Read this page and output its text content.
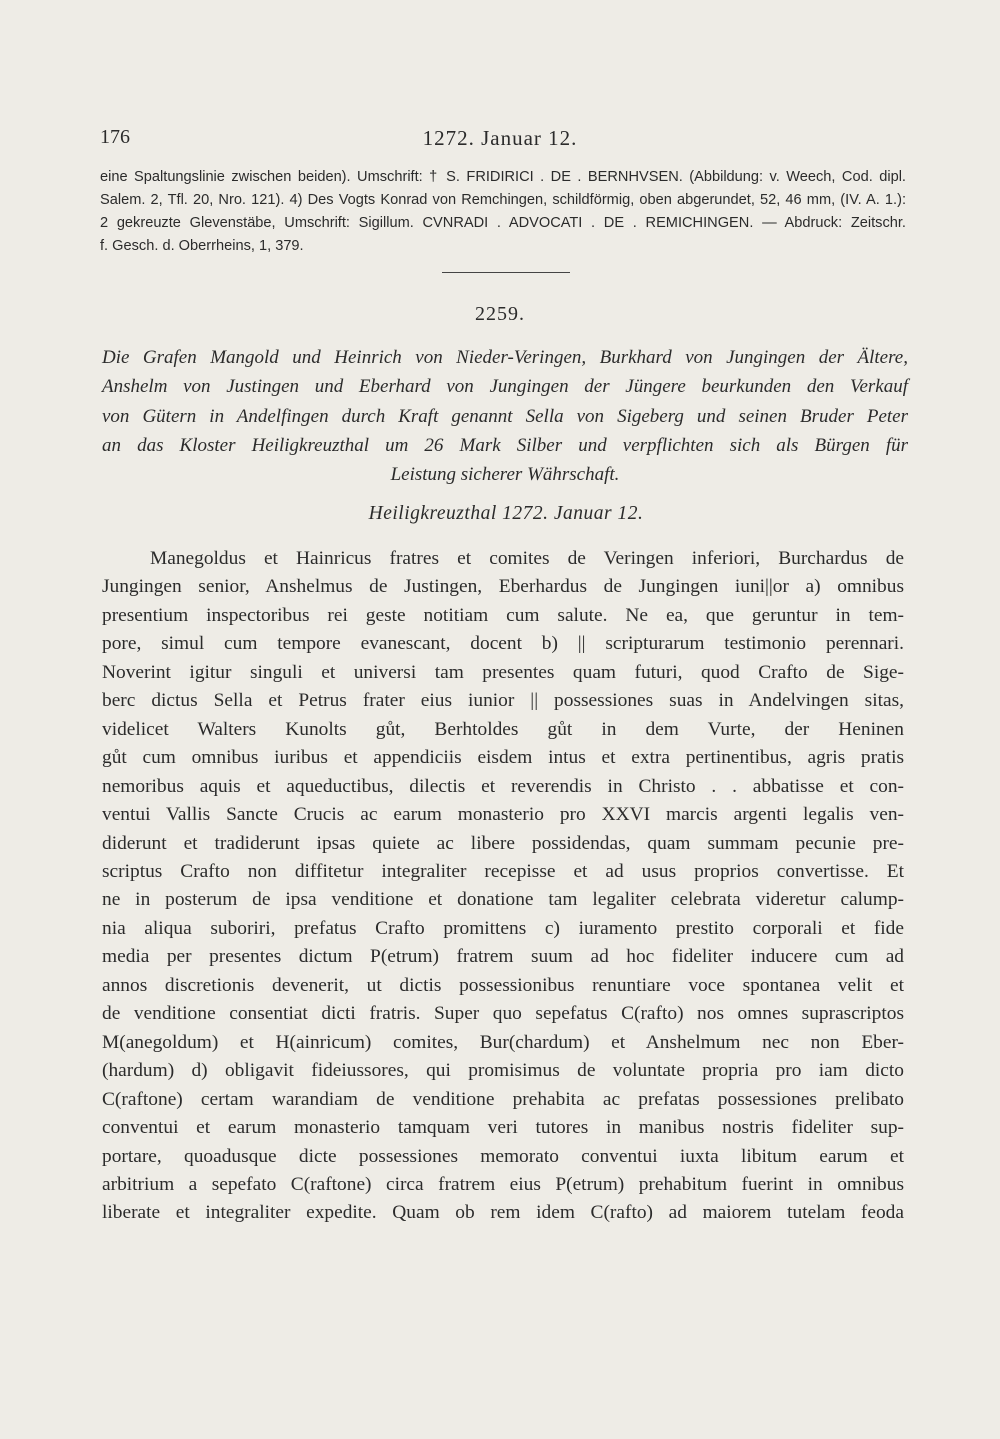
176	1272. Januar 12.
eine Spaltungslinie zwischen beiden). Umschrift: † S. FRIDIRICI . DE . BERNHVSEN. (Abbildung: v. Weech, Cod. dipl.
Salem. 2, Tfl. 20, Nro. 121). 4) Des Vogts Konrad von Remchingen, schildförmig, oben abgerundet, 52, 46 mm, (IV. A. 1.):
2 gekreuzte Glevenstäbe, Umschrift: Sigillum. CVNRADI . ADVOCATI . DE . REMICHINGEN. — Abdruck: Zeitschr.
f. Gesch. d. Oberrheins, 1, 379.
2259.
Die Grafen Mangold und Heinrich von Nieder-Veringen, Burkhard von Jungingen der Ältere,
Anshelm von Justingen und Eberhard von Jungingen der Jüngere beurkunden den Verkauf
von Gütern in Andelfingen durch Kraft genannt Sella von Sigeberg und seinen Bruder Peter
an das Kloster Heiligkreuzthal um 26 Mark Silber und verpflichten sich als Bürgen für
Leistung sicherer Währschaft.
Heiligkreuzthal 1272. Januar 12.
Manegoldus et Hainricus fratres et comites de Veringen inferiori, Burchardus de
Jungingen senior, Anshelmus de Justingen, Eberhardus de Jungingen iuni||or a) omnibus
presentium inspectoribus rei geste notitiam cum salute. Ne ea, que geruntur in tem-
pore, simul cum tempore evanescant, docent b) || scripturarum testimonio perennari.
Noverint igitur singuli et universi tam presentes quam futuri, quod Crafto de Sige-
berc dictus Sella et Petrus frater eius iunior || possessiones suas in Andelvingen sitas,
videlicet Walters Kunolts gůt, Berhtoldes gůt in dem Vurte, der Heninen
gůt cum omnibus iuribus et appendiciis eisdem intus et extra pertinentibus, agris pratis
nemoribus aquis et aqueductibus, dilectis et reverendis in Christo . . abbatisse et con-
ventui Vallis Sancte Crucis ac earum monasterio pro XXVI marcis argenti legalis ven-
diderunt et tradiderunt ipsas quiete ac libere possidendas, quam summam pecunie pre-
scriptus Crafto non diffitetur integraliter recepisse et ad usus proprios convertisse. Et
ne in posterum de ipsa venditione et donatione tam legaliter celebrata videretur calump-
nia aliqua suboriri, prefatus Crafto promittens c) iuramento prestito corporali et fide
media per presentes dictum P(etrum) fratrem suum ad hoc fideliter inducere cum ad
annos discretionis devenerit, ut dictis possessionibus renuntiare voce spontanea velit et
de venditione consentiat dicti fratris. Super quo sepefatus C(rafto) nos omnes suprascriptos
M(anegoldum) et H(ainricum) comites, Bur(chardum) et Anshelmum nec non Eber-
(hardum) d) obligavit fideiussores, qui promisimus de voluntate propria pro iam dicto
C(raftone) certam warandiam de venditione prehabita ac prefatas possessiones prelibato
conventui et earum monasterio tamquam veri tutores in manibus nostris fideliter sup-
portare, quoadusque dicte possessiones memorato conventui iuxta libitum earum et
arbitrium a sepefato C(raftone) circa fratrem eius P(etrum) prehabitum fuerint in omnibus
liberate et integraliter expedite. Quam ob rem idem C(rafto) ad maiorem tutelam feoda
